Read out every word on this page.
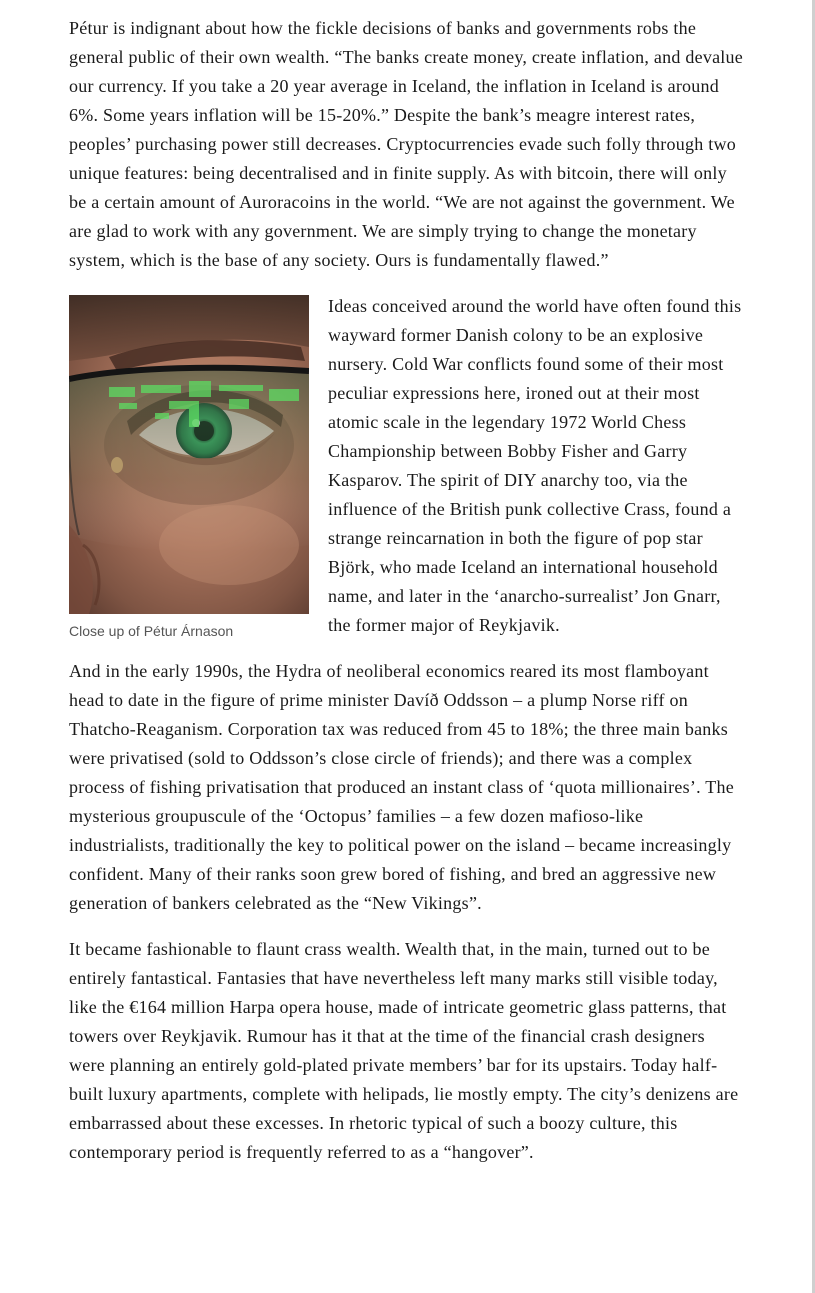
Pétur is indignant about how the fickle decisions of banks and governments robs the general public of their own wealth. “The banks create money, create inflation, and devalue our currency. If you take a 20 year average in Iceland, the inflation in Iceland is around 6%. Some years inflation will be 15-20%.” Despite the bank’s meagre interest rates, peoples’ purchasing power still decreases. Cryptocurrencies evade such folly through two unique features: being decentralised and in finite supply. As with bitcoin, there will only be a certain amount of Auroracoins in the world. “We are not against the government. We are glad to work with any government. We are simply trying to change the monetary system, which is the base of any society. Ours is fundamentally flawed.”

Close up of Pétur Árnason

Ideas conceived around the world have often found this wayward former Danish colony to be an explosive nursery. Cold War conflicts found some of their most peculiar expressions here, ironed out at their most atomic scale in the legendary 1972 World Chess Championship between Bobby Fisher and Garry Kasparov. The spirit of DIY anarchy too, via the influence of the British punk collective Crass, found a strange reincarnation in both the figure of pop star Björk, who made Iceland an international household name, and later in the ‘anarcho-surrealist’ Jon Gnarr, the former major of Reykjavik.

And in the early 1990s, the Hydra of neoliberal economics reared its most flamboyant head to date in the figure of prime minister Davíð Oddsson – a plump Norse riff on Thatcho-Reaganism. Corporation tax was reduced from 45 to 18%; the three main banks were privatised (sold to Oddsson’s close circle of friends); and there was a complex process of fishing privatisation that produced an instant class of ‘quota millionaires’. The mysterious groupuscule of the ‘Octopus’ families – a few dozen mafioso-like industrialists, traditionally the key to political power on the island – became increasingly confident. Many of their ranks soon grew bored of fishing, and bred an aggressive new generation of bankers celebrated as the “New Vikings”.

It became fashionable to flaunt crass wealth. Wealth that, in the main, turned out to be entirely fantastical. Fantasies that have nevertheless left many marks still visible today, like the €164 million Harpa opera house, made of intricate geometric glass patterns, that towers over Reykjavik. Rumour has it that at the time of the financial crash designers were planning an entirely gold-plated private members’ bar for its upstairs. Today half-built luxury apartments, complete with helipads, lie mostly empty. The city’s denizens are embarrassed about these excesses. In rhetoric typical of such a boozy culture, this contemporary period is frequently referred to as a “hangover”.
